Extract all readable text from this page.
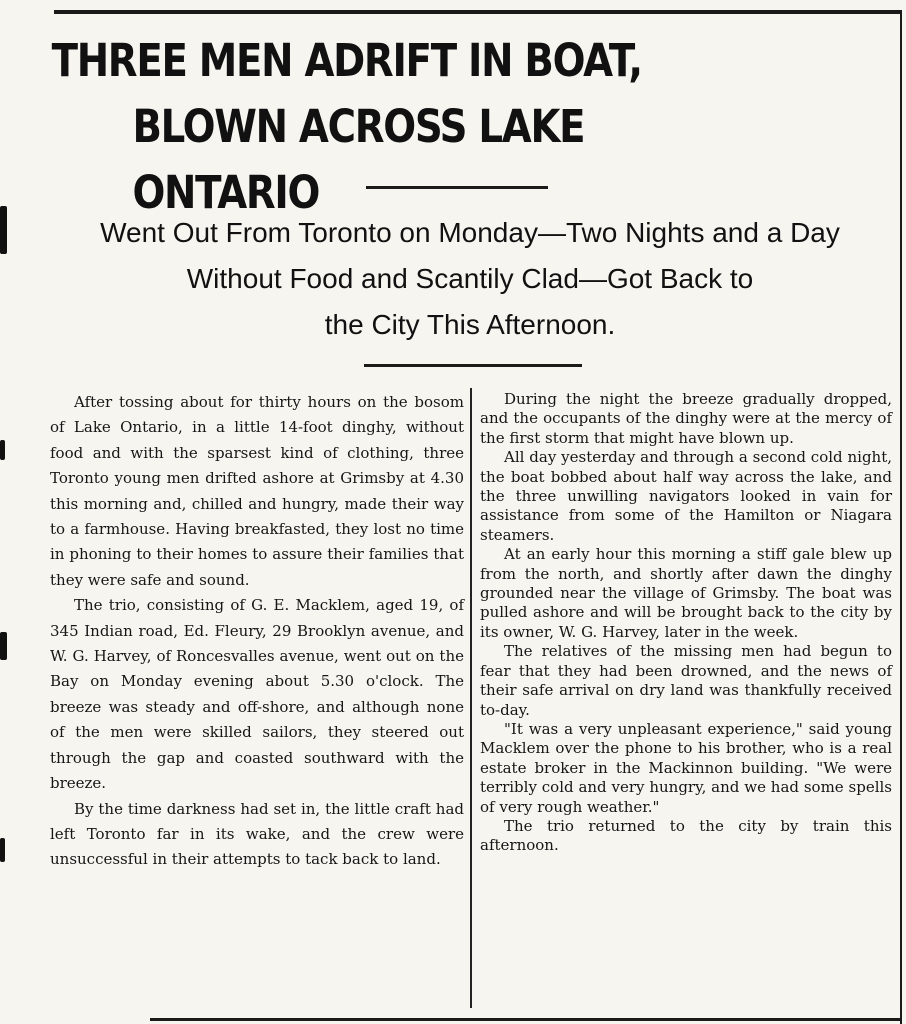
THREE MEN ADRIFT IN BOAT,
BLOWN ACROSS LAKE ONTARIO
Went Out From Toronto on Monday—Two Nights and a Day
Without Food and Scantily Clad—Got Back to
the City This Afternoon.

After tossing about for thirty hours on the bosom of Lake Ontario, in a little 14-foot dinghy, without food and with the sparsest kind of clothing, three Toronto young men drifted ashore at Grimsby at 4.30 this morning and, chilled and hungry, made their way to a farmhouse. Having breakfasted, they lost no time in phoning to their homes to assure their families that they were safe and sound.

The trio, consisting of G. E. Macklem, aged 19, of 345 Indian road, Ed. Fleury, 29 Brooklyn avenue, and W. G. Harvey, of Roncesvalles avenue, went out on the Bay on Monday evening about 5.30 o'clock. The breeze was steady and off-shore, and although none of the men were skilled sailors, they steered out through the gap and coasted southward with the breeze.

By the time darkness had set in, the little craft had left Toronto far in its wake, and the crew were unsuccessful in their attempts to tack back to land.

During the night the breeze gradually dropped, and the occupants of the dinghy were at the mercy of the first storm that might have blown up.

All day yesterday and through a second cold night, the boat bobbed about half way across the lake, and the three unwilling navigators looked in vain for assistance from some of the Hamilton or Niagara steamers.

At an early hour this morning a stiff gale blew up from the north, and shortly after dawn the dinghy grounded near the village of Grimsby. The boat was pulled ashore and will be brought back to the city by its owner, W. G. Harvey, later in the week.

The relatives of the missing men had begun to fear that they had been drowned, and the news of their safe arrival on dry land was thankfully received to-day.

"It was a very unpleasant experience," said young Macklem over the phone to his brother, who is a real estate broker in the Mackinnon building. "We were terribly cold and very hungry, and we had some spells of very rough weather."

The trio returned to the city by train this afternoon.
